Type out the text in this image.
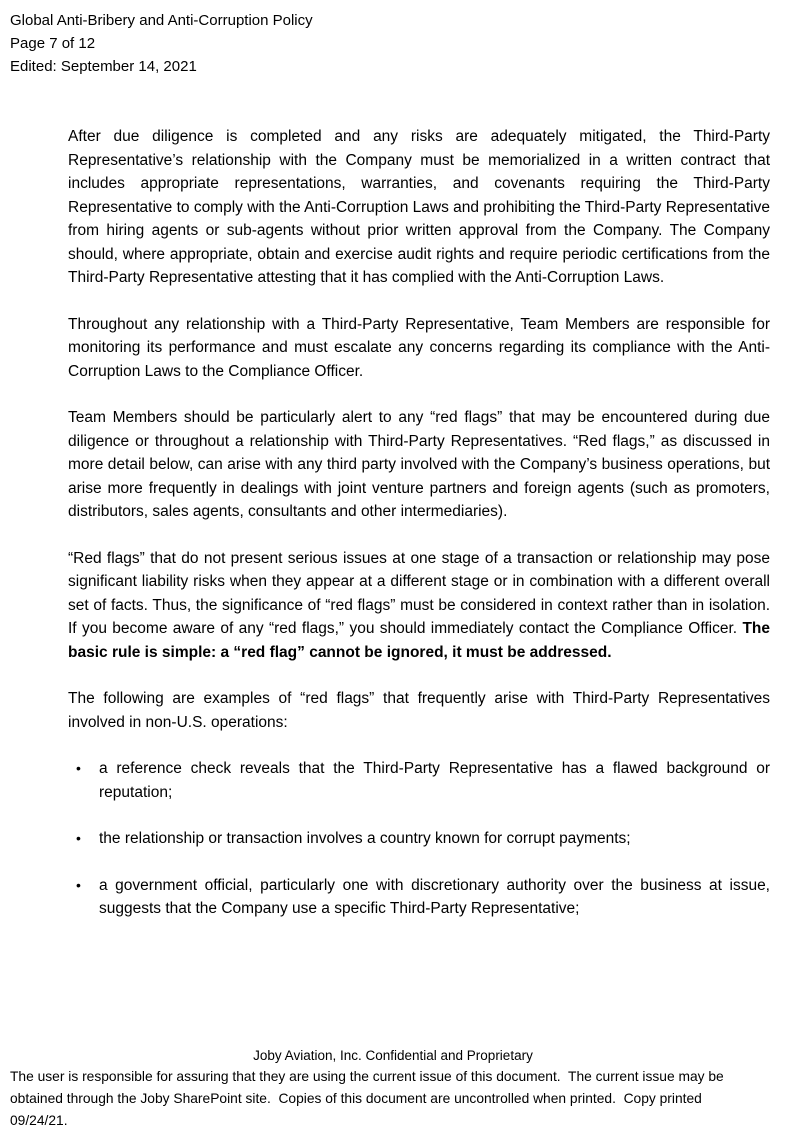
Global Anti-Bribery and Anti-Corruption Policy
Page 7 of 12
Edited: September 14, 2021

After due diligence is completed and any risks are adequately mitigated, the Third-Party Representative’s relationship with the Company must be memorialized in a written contract that includes appropriate representations, warranties, and covenants requiring the Third-Party Representative to comply with the Anti-Corruption Laws and prohibiting the Third-Party Representative from hiring agents or sub-agents without prior written approval from the Company. The Company should, where appropriate, obtain and exercise audit rights and require periodic certifications from the Third-Party Representative attesting that it has complied with the Anti-Corruption Laws.

Throughout any relationship with a Third-Party Representative, Team Members are responsible for monitoring its performance and must escalate any concerns regarding its compliance with the Anti-Corruption Laws to the Compliance Officer.

Team Members should be particularly alert to any “red flags” that may be encountered during due diligence or throughout a relationship with Third-Party Representatives. “Red flags,” as discussed in more detail below, can arise with any third party involved with the Company’s business operations, but arise more frequently in dealings with joint venture partners and foreign agents (such as promoters, distributors, sales agents, consultants and other intermediaries).

“Red flags” that do not present serious issues at one stage of a transaction or relationship may pose significant liability risks when they appear at a different stage or in combination with a different overall set of facts. Thus, the significance of “red flags” must be considered in context rather than in isolation. If you become aware of any “red flags,” you should immediately contact the Compliance Officer. The basic rule is simple: a “red flag” cannot be ignored, it must be addressed.

The following are examples of “red flags” that frequently arise with Third-Party Representatives involved in non-U.S. operations:

•	a reference check reveals that the Third-Party Representative has a flawed background or reputation;
•	the relationship or transaction involves a country known for corrupt payments;
•	a government official, particularly one with discretionary authority over the business at issue, suggests that the Company use a specific Third-Party Representative;
Joby Aviation, Inc. Confidential and Proprietary
The user is responsible for assuring that they are using the current issue of this document.  The current issue may be obtained through the Joby SharePoint site.  Copies of this document are uncontrolled when printed.  Copy printed 09/24/21.
